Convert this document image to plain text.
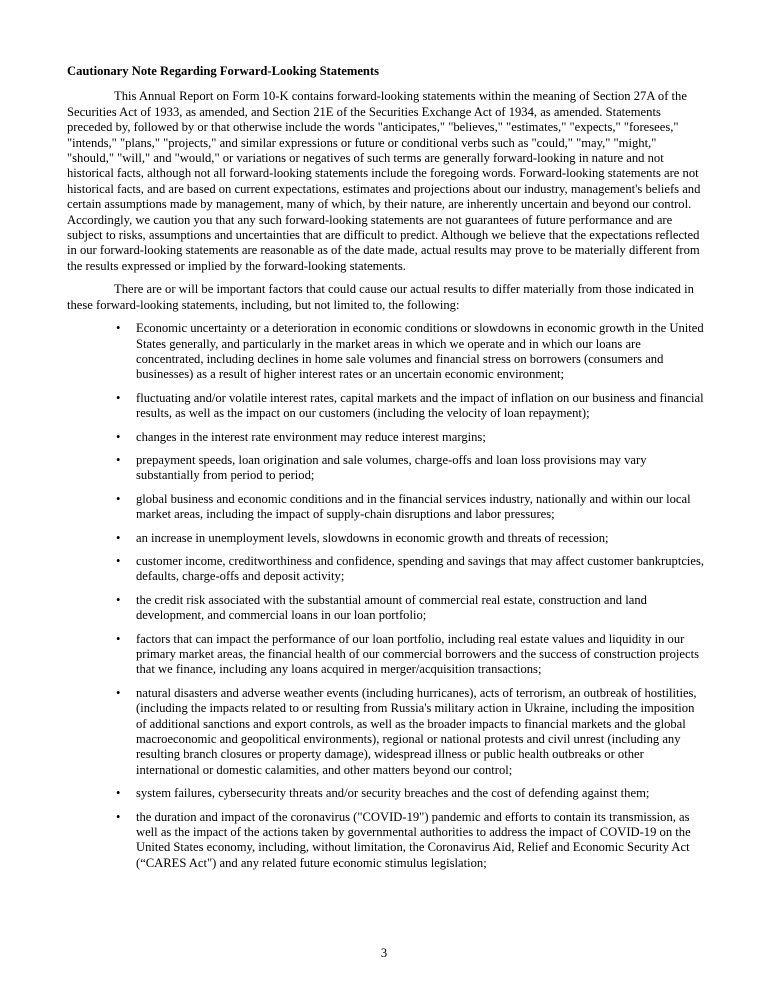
Cautionary Note Regarding Forward-Looking Statements

This Annual Report on Form 10-K contains forward-looking statements within the meaning of Section 27A of the Securities Act of 1933, as amended, and Section 21E of the Securities Exchange Act of 1934, as amended. Statements preceded by, followed by or that otherwise include the words "anticipates," "believes," "estimates," "expects," "foresees," "intends," "plans," "projects," and similar expressions or future or conditional verbs such as "could," "may," "might," "should," "will," and "would," or variations or negatives of such terms are generally forward-looking in nature and not historical facts, although not all forward-looking statements include the foregoing words. Forward-looking statements are not historical facts, and are based on current expectations, estimates and projections about our industry, management's beliefs and certain assumptions made by management, many of which, by their nature, are inherently uncertain and beyond our control. Accordingly, we caution you that any such forward-looking statements are not guarantees of future performance and are subject to risks, assumptions and uncertainties that are difficult to predict. Although we believe that the expectations reflected in our forward-looking statements are reasonable as of the date made, actual results may prove to be materially different from the results expressed or implied by the forward-looking statements.

There are or will be important factors that could cause our actual results to differ materially from those indicated in these forward-looking statements, including, but not limited to, the following:

•	Economic uncertainty or a deterioration in economic conditions or slowdowns in economic growth in the United States generally, and particularly in the market areas in which we operate and in which our loans are concentrated, including declines in home sale volumes and financial stress on borrowers (consumers and businesses) as a result of higher interest rates or an uncertain economic environment;
•	fluctuating and/or volatile interest rates, capital markets and the impact of inflation on our business and financial results, as well as the impact on our customers (including the velocity of loan repayment);
•	changes in the interest rate environment may reduce interest margins;
•	prepayment speeds, loan origination and sale volumes, charge-offs and loan loss provisions may vary substantially from period to period;
•	global business and economic conditions and in the financial services industry, nationally and within our local market areas, including the impact of supply-chain disruptions and labor pressures;
•	an increase in unemployment levels, slowdowns in economic growth and threats of recession;
•	customer income, creditworthiness and confidence, spending and savings that may affect customer bankruptcies, defaults, charge-offs and deposit activity;
•	the credit risk associated with the substantial amount of commercial real estate, construction and land development, and commercial loans in our loan portfolio;
•	factors that can impact the performance of our loan portfolio, including real estate values and liquidity in our primary market areas, the financial health of our commercial borrowers and the success of construction projects that we finance, including any loans acquired in merger/acquisition transactions;
•	natural disasters and adverse weather events (including hurricanes), acts of terrorism, an outbreak of hostilities, (including the impacts related to or resulting from Russia's military action in Ukraine, including the imposition of additional sanctions and export controls, as well as the broader impacts to financial markets and the global macroeconomic and geopolitical environments), regional or national protests and civil unrest (including any resulting branch closures or property damage), widespread illness or public health outbreaks or other international or domestic calamities, and other matters beyond our control;
•	system failures, cybersecurity threats and/or security breaches and the cost of defending against them;
•	the duration and impact of the coronavirus ("COVID-19") pandemic and efforts to contain its transmission, as well as the impact of the actions taken by governmental authorities to address the impact of COVID-19 on the United States economy, including, without limitation, the Coronavirus Aid, Relief and Economic Security Act (“CARES Act") and any related future economic stimulus legislation;
3
